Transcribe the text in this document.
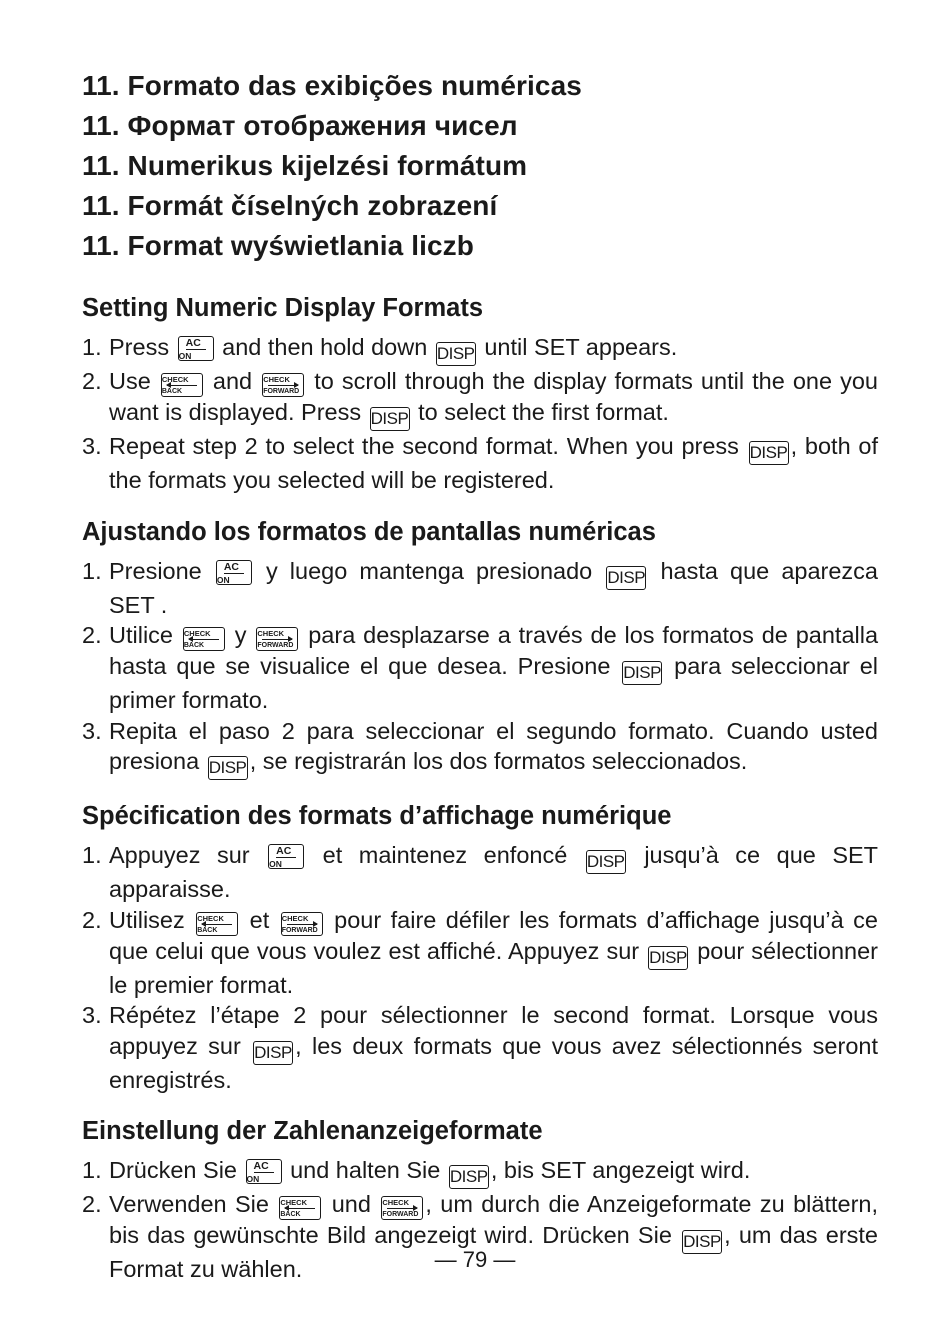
11. Formato das exibições numéricas
11. Формат отображения чисел
11. Numerikus kijelzési formátum
11. Formát číselných zobrazení
11. Format wyświetlania liczb
Setting Numeric Display Formats
1. Press AC
ON	and then hold down DISP until SET appears.
2. Use CHECK
BACK	and CHECK
FORWARD to scroll through the display formats until the one you want is displayed. Press DISP to select the first format.
3. Repeat step 2 to select the second format. When you press DISP , both of the formats you selected will be registered.
Ajustando los formatos de pantallas numéricas
1. Presione AC
ON	y luego mantenga presionado DISP hasta que aparezca SET .
2. Utilice CHECK
BACK	y CHECK
FORWARD para desplazarse a través de los formatos de pantalla hasta que se visualice el que desea. Presione DISP para seleccionar el primer formato.
3. Repita el paso 2 para seleccionar el segundo formato. Cuando usted presiona DISP , se registrarán los dos formatos seleccionados.
Spécification des formats d’affichage numérique
1. Appuyez sur	AC
ON	et maintenez enfoncé DISP jusqu’à ce que SET apparaisse.
2. Utilisez CHECK
BACK	et CHECK
FORWARD pour faire défiler les formats d’affichage jusqu’à ce que celui que vous voulez est affiché. Appuyez sur DISP pour sélectionner le premier format.
3. Répétez l’étape 2 pour sélectionner le second format. Lorsque vous appuyez sur DISP , les deux formats que vous avez sélectionnés seront enregistrés.
Einstellung der Zahlenanzeigeformate
1. Drücken Sie AC
ON	und halten Sie DISP , bis SET angezeigt wird.
2. Verwenden Sie CHECK
BACK	und CHECK
FORWARD , um durch die Anzeigeformate zu blättern, bis das gewünschte Bild angezeigt wird. Drücken Sie DISP , um das erste Format zu wählen.	— 79 —
